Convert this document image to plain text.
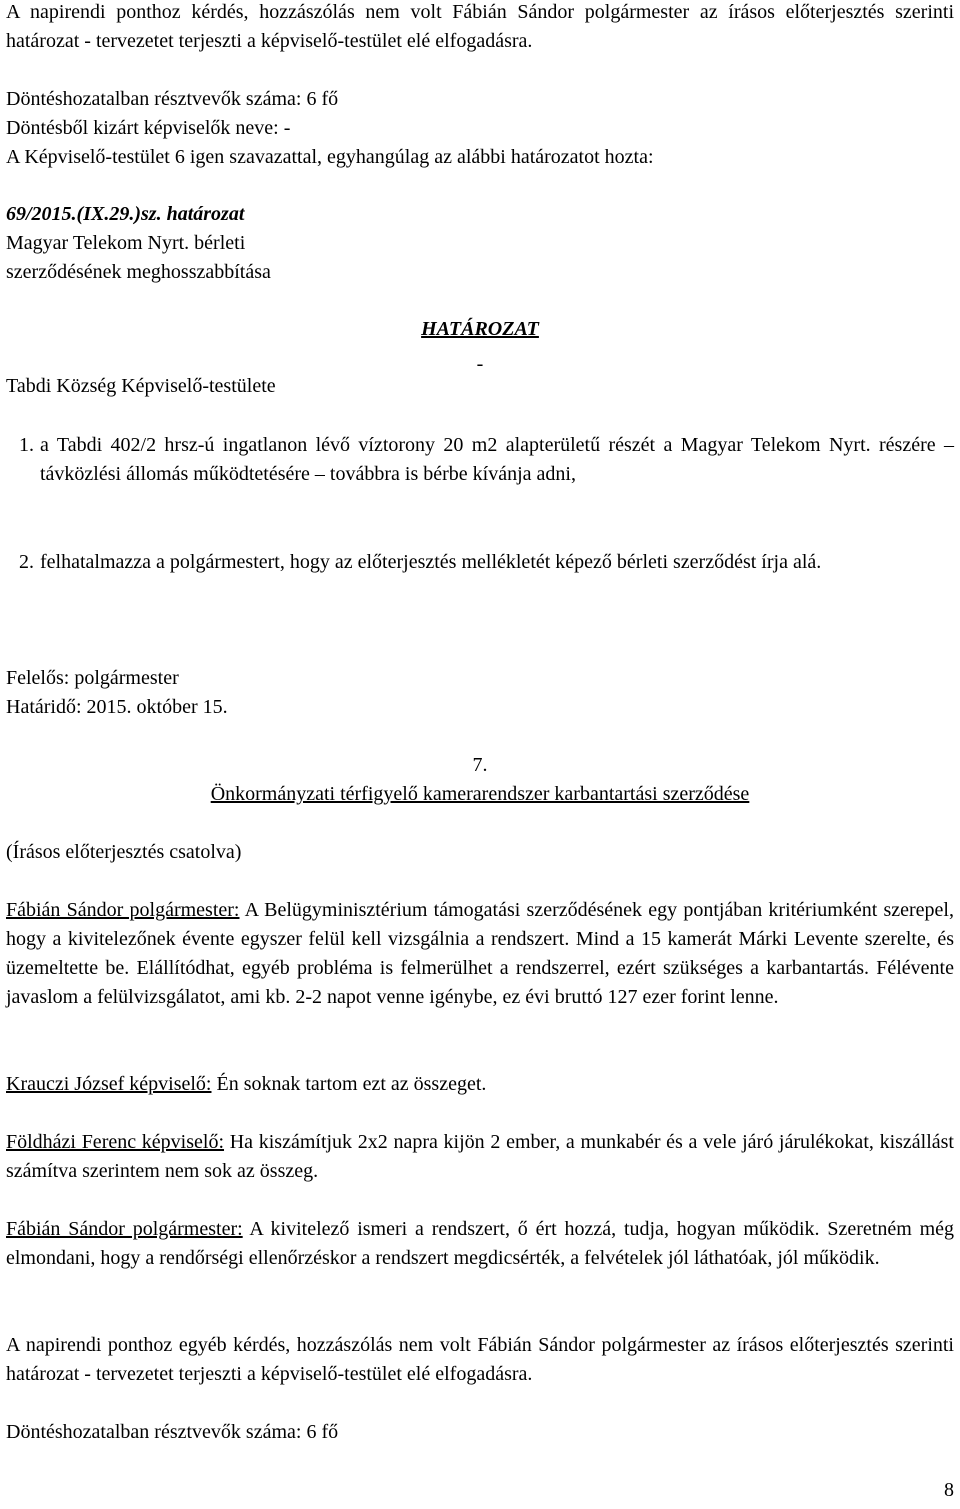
A napirendi ponthoz kérdés, hozzászólás nem volt Fábián Sándor polgármester az írásos előterjesztés szerinti határozat - tervezetet terjeszti a képviselő-testület elé elfogadásra.

Döntéshozatalban résztvevők száma: 6 fő

Döntésből kizárt képviselők neve: -

A Képviselő-testület 6 igen szavazattal, egyhangúlag az alábbi határozatot hozta:

69/2015.(IX.29.)sz. határozat

Magyar Telekom Nyrt. bérleti

szerződésének meghosszabbítása

HATÁROZAT

-

Tabdi Község Képviselő-testülete

1. a Tabdi 402/2 hrsz-ú ingatlanon lévő víztorony 20 m2 alapterületű részét a Magyar Telekom Nyrt. részére – távközlési állomás működtetésére – továbbra is bérbe kívánja adni,

2. felhatalmazza a polgármestert, hogy az előterjesztés mellékletét képező bérleti szerződést írja alá.

Felelős: polgármester

Határidő: 2015. október 15.

7.

Önkormányzati térfigyelő kamerarendszer karbantartási szerződése

(Írásos előterjesztés csatolva)

Fábián Sándor polgármester: A Belügyminisztérium támogatási szerződésének egy pontjában kritériumként szerepel, hogy a kivitelezőnek évente egyszer felül kell vizsgálnia a rendszert. Mind a 15 kamerát Márki Levente szerelte, és üzemeltette be. Elállítódhat, egyéb probléma is felmerülhet a rendszerrel, ezért szükséges a karbantartás. Félévente javaslom a felülvizsgálatot, ami kb. 2-2 napot venne igénybe, ez évi bruttó 127 ezer forint lenne.

Krauczi József képviselő: Én soknak tartom ezt az összeget.

Földházi Ferenc képviselő: Ha kiszámítjuk 2x2 napra kijön 2 ember, a munkabér és a vele járó járulékokat, kiszállást számítva szerintem nem sok az összeg.

Fábián Sándor polgármester: A kivitelező ismeri a rendszert, ő ért hozzá, tudja, hogyan működik. Szeretném még elmondani, hogy a rendőrségi ellenőrzéskor a rendszert megdicsérték, a felvételek jól láthatóak, jól működik.

A napirendi ponthoz egyéb kérdés, hozzászólás nem volt Fábián Sándor polgármester az írásos előterjesztés szerinti határozat - tervezetet terjeszti a képviselő-testület elé elfogadásra.

Döntéshozatalban résztvevők száma: 6 fő

8
